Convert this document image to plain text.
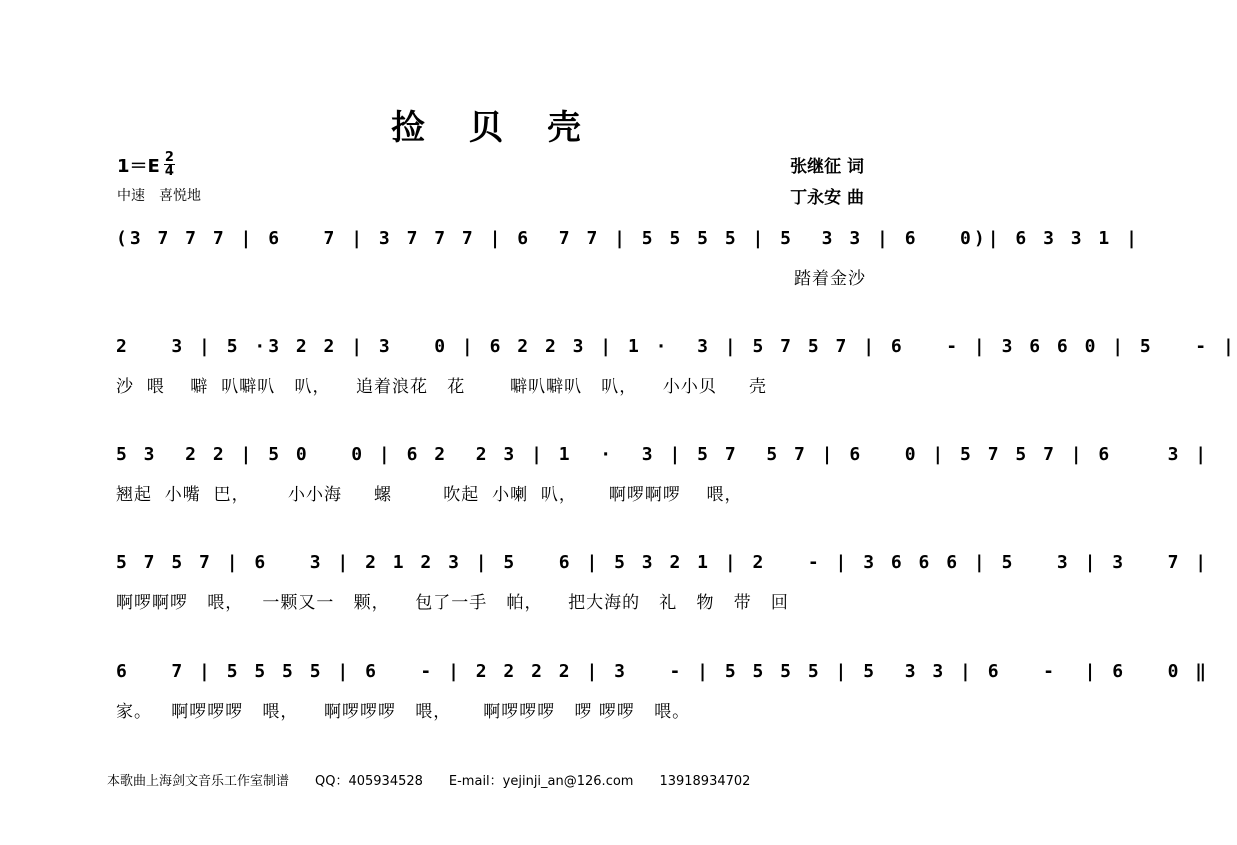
捡贝壳
$1=E \frac{2}{4}$
中速　喜悦地
张继征 词
丁永安 曲
(3 7 7 7 | 6   7 | 3 7 7 7 | 6  7 7 | 5 5 5 5 | 5  3 3 | 6   0)| 6 3 3 1 |
踏着金沙
2   3 | 5 ·3 2 2 | 3   0 | 6 2 2 3 | 1 ·  3 | 5 7 5 7 | 6   - | 3 6 6 0 | 5   - |
沙  喂    噼  叭噼叭   叭，    追着浪花   花       噼叭噼叭   叭，    小小贝     壳
5 3  2 2 | 5 0   0 | 6 2  2 3 | 1  ·  3 | 5 7  5 7 | 6   0 | 5 7 5 7 | 6    3 |
翘起  小嘴  巴，      小小海     螺        吹起  小喇  叭，     啊啰啊啰    喂，
5 7 5 7 | 6   3 | 2 1 2 3 | 5   6 | 5 3 2 1 | 2   - | 3 6 6 6 | 5   3 | 3   7 |
啊啰啊啰   喂，   一颗又一   颗，    包了一手   帕，    把大海的   礼   物   带   回
6   7 | 5 5 5 5 | 6   - | 2 2 2 2 | 3   - | 5 5 5 5 | 5  3 3 | 6   -  | 6   0 ‖
家。   啊啰啰啰   喂，    啊啰啰啰   喂，     啊啰啰啰   啰 啰啰   喂。
本歌曲上海剑文音乐工作室制谱　　QQ：405934528　　E-mail：yejinji_an@126.com　　13918934702
